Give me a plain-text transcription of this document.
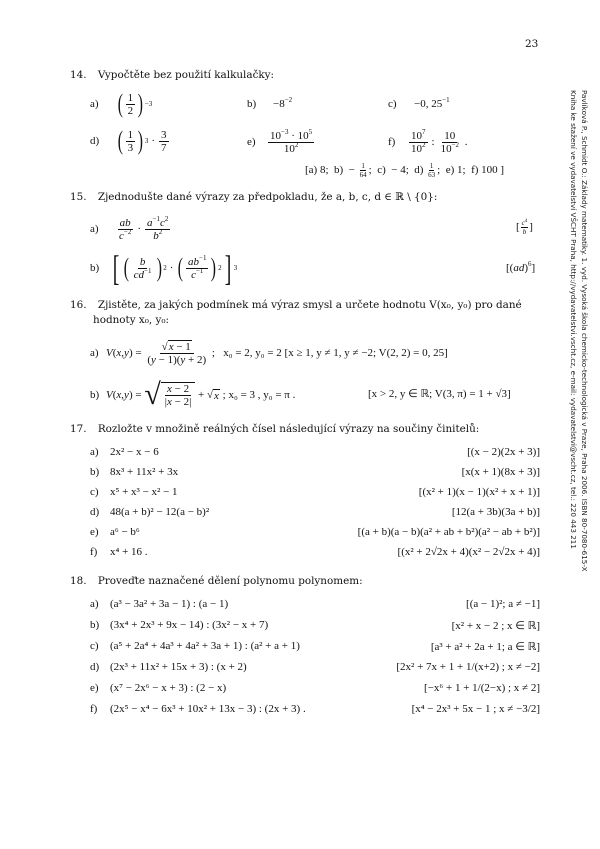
23
Pavlíková P., Schmidt O.: Základy matematiky. 1. vyd. Vysoká škola chemicko-technologická v Praze, Praha 2006. ISBN 80-7080-615-X
Kniha ke stažení ve vydavatelství VŠCHT Praha, http://vydavatelstvi.vscht.cz, e-mail: vydavatelstvi@vscht.cz, tel.: 220 443 211
14. Vypočtěte bez použití kalkulačky:
a) ( $\frac{1}{2}$ ) −3	$b) -8^{-2}$	c) −0, $25^{-1}$
d) ( $\frac{1}{3}$ ) $3 \cdot \frac{3}{7}$	e)	$\frac{10^{-3} \cdot 10^5}{10^2}$	f)	$\frac{10^7}{10^2}$ : $\frac{10}{10^{-2}}$ .
[a) 8;  $b) - \frac{1}{64}$ ;  c)  − 4;  $d) \frac{1}{63}$ ;  e) 1;  f) 100 ]
15. Zjednodušte dané výrazy za předpokladu, že a, b, c, d ∈ ℝ \ {0}:
a)	$\frac{ab}{c^{-2}} \cdot \frac{a^{-1}c^2}{b^2}$	[ $\frac{c^4}{b}$ ]
b) [ ( $\frac{b}{cd^{-1}}$ ) 2 · ( $\frac{ab^{-1}}{c^{-1}}$ ) 2 ] 3	[(ad)$^6$]
16. Zjistěte, za jakých podmínek má výraz smysl a určete hodnotu V(x₀, y₀) pro dané
hodnoty x₀, y₀:
a) V ( x , y ) = $\frac{√x - 1}{(y - 1)(y + 2)}$ ; x₀ = 2, y₀ = 2 [x ≥ 1, y ≠ 1, y ≠ −2; V(2, 2) = 0, 25]
b) V ( x , y ) = √ $\frac{x - 2}{|x - 2|}$ + √ x ; x₀ = 3 , y₀ = π .	[x > 2, y ∈ ℝ; V(3, π) = 1 + √3]
17. Rozložte v množině reálných čísel následující výrazy na součiny činitelů:
a) 2x² − x − 6	[(x − 2)(2x + 3)]
b) 8x³ + 11x² + 3x	[x(x + 1)(8x + 3)]
c) x⁵ + x³ − x² − 1	[(x² + 1)(x − 1)(x² + x + 1)]
d) 48(a + b)² − 12(a − b)²	[12(a + 3b)(3a + b)]
e) a⁶ − b⁶	[(a + b)(a − b)(a² + ab + b²)(a² − ab + b²)]
f) x⁴ + 16 .	[(x² + 2√2x + 4)(x² − 2√2x + 4)]
18. Proveďte naznačené dělení polynomu polynomem:
a) (a³ − 3a² + 3a − 1) : (a − 1)	[(a − 1)²; a ≠ −1]
b) (3x⁴ + 2x³ + 9x − 14) : (3x² − x + 7)	[x² + x − 2 ; x ∈ ℝ]
c) (a⁵ + 2a⁴ + 4a³ + 4a² + 3a + 1) : (a² + a + 1)	[a³ + a² + 2a + 1; a ∈ ℝ]
d) (2x³ + 11x² + 15x + 3) : (x + 2)	[2x² + 7x + 1 + 1/(x+2) ; x ≠ −2]
e) (x⁷ − 2x⁶ − x + 3) : (2 − x)	[−x⁶ + 1 + 1/(2−x) ; x ≠ 2]
f) (2x⁵ − x⁴ − 6x³ + 10x² + 13x − 3) : (2x + 3) .	[x⁴ − 2x³ + 5x − 1 ; x ≠ −3/2]
